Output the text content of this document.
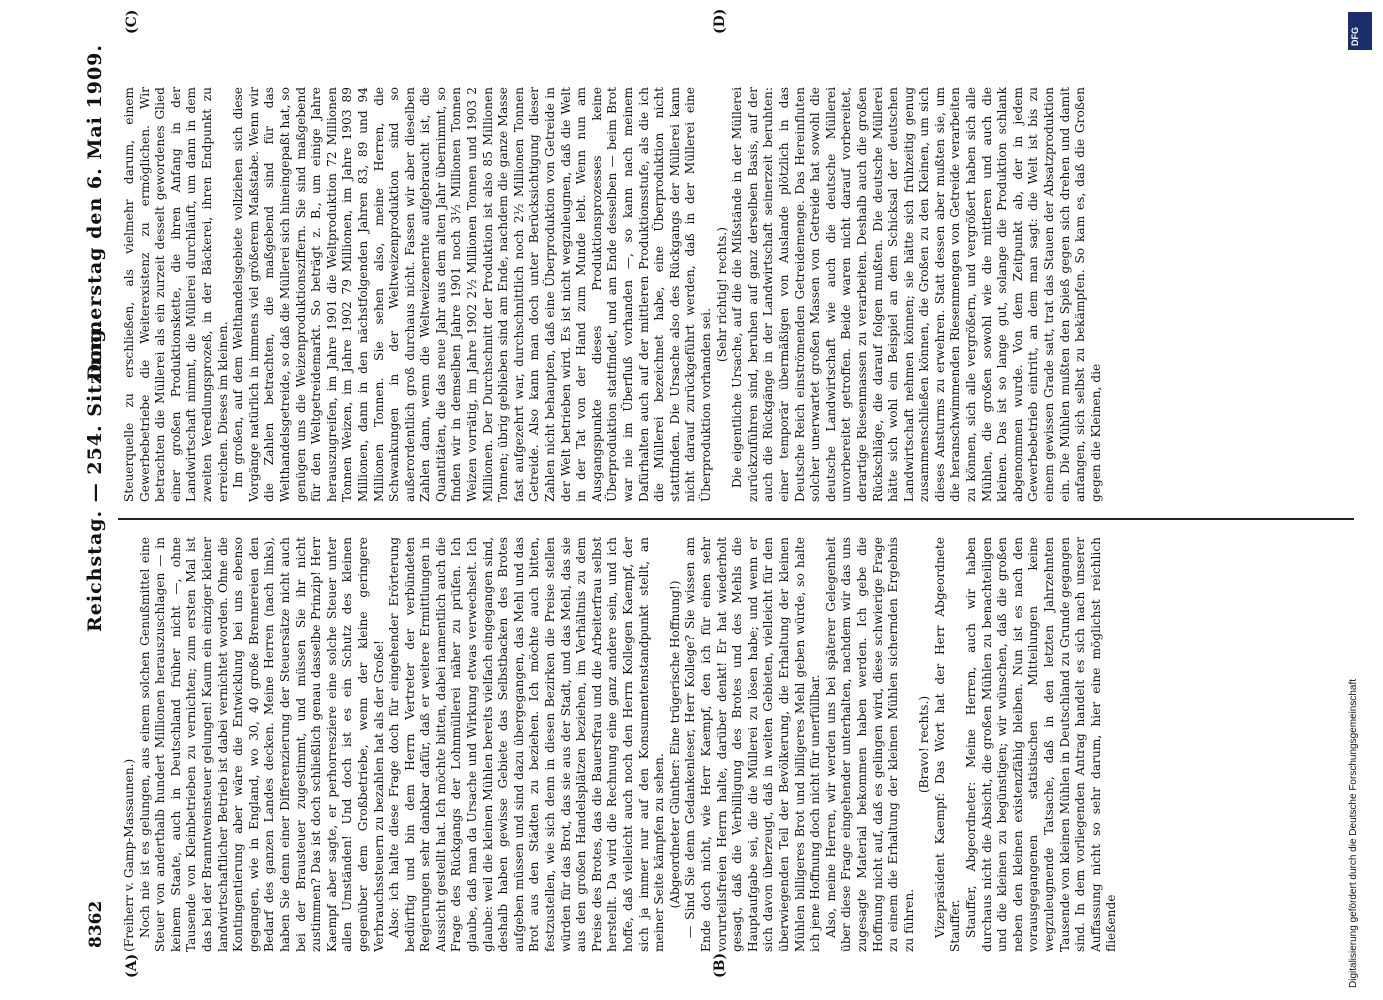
8362
Reichstag. — 254. Sitzung.
Donnerstag den 6. Mai 1909.
(A)	(B)
(C)	(D)

(Freiherr v. Gamp-Massaunen.) Noch nie ist es gelungen, aus einem solchen Genußmittel eine Steuer von anderthalb hundert Millionen herauszuschlagen — in keinem Staate, auch in Deutschland früher nicht —, ohne Tausende von Kleinbetrieben zu vernichten; zum ersten Mal ist das bei der Branntweinsteuer gelungen! Kaum ein einziger kleiner landwirtschaftlicher Betrieb ist dabei vernichtet worden. Ohne die Kontingentierung aber wäre die Entwicklung bei uns ebenso gegangen, wie in England, wo 30, 40 große Brennereien den Bedarf des ganzen Landes decken. Meine Herren (nach links), haben Sie denn einer Differenzierung der Steuersätze nicht auch bei der Brausteuer zugestimmt, und müssen Sie ihr nicht zustimmen? Das ist doch schließlich genau dasselbe Prinzip! Herr Kaempf aber sagte, er perhorresziere eine solche Steuer unter allen Umständen! Und doch ist es ein Schutz des kleinen gegenüber dem Großbetriebe, wenn der kleine geringere Verbrauchssteuern zu bezahlen hat als der Große! Also: ich halte diese Frage doch für eingehender Erörterung bedürftig und bin dem Herrn Vertreter der verbündeten Regierungen sehr dankbar dafür, daß er weitere Ermittlungen in Aussicht gestellt hat. Ich möchte bitten, dabei namentlich auch die Frage des Rückgangs der Lohnmüllerei näher zu prüfen. Ich glaube, daß man da Ursache und Wirkung etwas verwechselt. Ich glaube: weil die kleinen Mühlen bereits vielfach eingegangen sind, deshalb haben gewisse Gebiete das Selbstbacken des Brotes aufgeben müssen und sind dazu übergegangen, das Mehl und das Brot aus den Städten zu beziehen. Ich möchte auch bitten, festzustellen, wie sich denn in diesen Bezirken die Preise stellen würden für das Brot, das sie aus der Stadt, und das Mehl, das sie aus den großen Handelsplätzen beziehen, im Verhältnis zu dem Preise des Brotes, das die Bauersfrau und die Arbeiterfrau selbst herstellt. Da wird die Rechnung eine ganz andere sein, und ich hoffe, daß vielleicht auch noch den Herrn Kollegen Kaempf, der sich ja immer nur auf den Konsumentenstandpunkt stellt, an meiner Seite kämpfen zu sehen. (Abgeordneter Günther: Eine trügerische Hoffnung!) — Sind Sie denn Gedankenleser, Herr Kollege? Sie wissen am Ende doch nicht, wie Herr Kaempf, den ich für einen sehr vorurteilsfreien Herrn halte, darüber denkt! Er hat wiederholt gesagt, daß die Verbilligung des Brotes und des Mehls die Hauptaufgabe sei, die die Müllerei zu lösen habe; und wenn er sich davon überzeugt, daß in weiten Gebieten, vielleicht für den überwiegenden Teil der Bevölkerung, die Erhaltung der kleinen Mühlen billigeres Brot und billigeres Mehl geben würde, so halte ich jene Hoffnung doch nicht für unerfüllbar. Also, meine Herren, wir werden uns bei späterer Gelegenheit über diese Frage eingehender unterhalten, nachdem wir das uns zugesagte Material bekommen haben werden. Ich gebe die Hoffnung nicht auf, daß es gelingen wird, diese schwierige Frage zu einem die Erhaltung der kleinen Mühlen sichernden Ergebnis zu führen.

(Bravo! rechts.) Vizepräsident Kaempf: Das Wort hat der Herr Abgeordnete Stauffer. Stauffer, Abgeordneter: Meine Herren, auch wir haben durchaus nicht die Absicht, die großen Mühlen zu benachteiligen und die kleinen zu begünstigen; wir wünschen, daß die großen neben den kleinen existenzfähig bleiben. Nun ist es nach den vorausgegangenen statistischen Mitteilungen keine wegzuleugnende Tatsache, daß in den letzten Jahrzehnten Tausende von kleinen Mühlen in Deutschland zu Grunde gegangen sind. In dem vorliegenden Antrag handelt es sich nach unserer Auffassung nicht so sehr darum, hier eine möglichst reichlich fließende

Steuerquelle zu erschließen, als vielmehr darum, einem Gewerbebetriebe die Weiterexistenz zu ermöglichen. Wir betrachten die Müllerei als ein zurzeit desselt gewordenes Glied einer großen Produktionskette, die ihren Anfang in der Landwirtschaft nimmt, die Müllerei durchläuft, um dann in dem zweiten Veredlungsprozeß, in der Bäckerei, ihren Endpunkt zu erreichen. Dieses im kleinen. Im großen, auf dem Welthandelsgebiete vollziehen sich diese Vorgänge natürlich in immens viel größerem Maßstabe. Wenn wir die Zahlen betrachten, die maßgebend sind für das Welthandelsgetreide, so daß die Müllerei sich hineingepaßt hat, so genügen uns die Weizenproduktionsziffern. Sie sind maßgebend für den Weltgetreidemarkt. So beträgt z. B., um einige Jahre herauszugreifen, im Jahre 1901 die Weltproduktion 72 Millionen Tonnen Weizen, im Jahre 1902 79 Millionen, im Jahre 1903 89 Millionen, dann in den nächstfolgenden Jahren 83, 89 und 94 Millionen Tonnen. Sie sehen also, meine Herren, die Schwankungen in der Weltweizenproduktion sind so außerordentlich groß durchaus nicht. Fassen wir aber dieselben Zahlen dann, wenn die Weltweizenernte aufgebraucht ist, die Quantitäten, die das neue Jahr aus dem alten Jahr übernimmt, so finden wir in demselben Jahre 1901 noch 3½ Millionen Tonnen Weizen vorrätig, im Jahre 1902 2½ Millionen Tonnen und 1903 2 Millionen. Der Durchschnitt der Produktion ist also 85 Millionen Tonnen; übrig geblieben sind am Ende, nachdem die ganze Masse fast aufgezehrt war, durchschnittlich noch 2½ Millionen Tonnen Getreide. Also kann man doch unter Berücksichtigung dieser Zahlen nicht behaupten, daß eine Überproduktion von Getreide in der Welt betrieben wird. Es ist nicht wegzuleugnen, daß die Welt in der Tat von der Hand zum Munde lebt. Wenn nun am Ausgangspunkte dieses Produktionsprozesses keine Überproduktion stattfindet, und am Ende desselben — beim Brot war nie im Überfluß vorhanden —, so kann nach meinem Dafürhalten auch auf der mittleren Produktionsstufe, als die ich die Müllerei bezeichnet habe, eine Überproduktion nicht stattfinden. Die Ursache also des Rückgangs der Müllerei kann nicht darauf zurückgeführt werden, daß in der Müllerei eine Überproduktion vorhanden sei.

(Sehr richtig! rechts.) Die eigentliche Ursache, auf die die Mißstände in der Müllerei zurückzuführen sind, beruhen auf ganz derselben Basis, auf der auch die Rückgänge in der Landwirtschaft seinerzeit beruhten: einer temporär übermäßigen von Auslande plötzlich in das Deutsche Reich einströmenden Getreidemenge. Das Hereinfluten solcher unerwartet großen Massen von Getreide hat sowohl die deutsche Landwirtschaft wie auch die deutsche Müllerei unvorbereitet getroffen. Beide waren nicht darauf vorbereitet, derartige Riesenmassen zu verarbeiten. Deshalb auch die großen Rückschläge, die darauf folgen mußten. Die deutsche Müllerei hätte sich wohl ein Beispiel an dem Schicksal der deutschen Landwirtschaft nehmen können; sie hätte sich frühzeitig genug zusammenschließen können, die Großen zu den Kleinen, um sich dieses Ansturms zu erwehren. Statt dessen aber mußten sie, um die heranschwimmenden Riesenmengen von Getreide verarbeiten zu können, sich alle vergrößern, und vergrößert haben sich alle Mühlen, die großen sowohl wie die mittleren und auch die kleinen. Das ist so lange gut, solange die Produktion schlank abgenommen wurde. Von dem Zeitpunkt ab, der in jedem Gewerbebetrieb eintritt, an dem man sagt: die Welt ist bis zu einem gewissen Grade satt, trat das Stauen der Absatzproduktion ein. Die Mühlen mußten den Spieß gegen sich drehen und damit anfangen, sich selbst zu bekämpfen. So kam es, daß die Großen gegen die Kleinen, die

DFG
Digitalisierung gefördert durch die Deutsche Forschungsgemeinschaft
